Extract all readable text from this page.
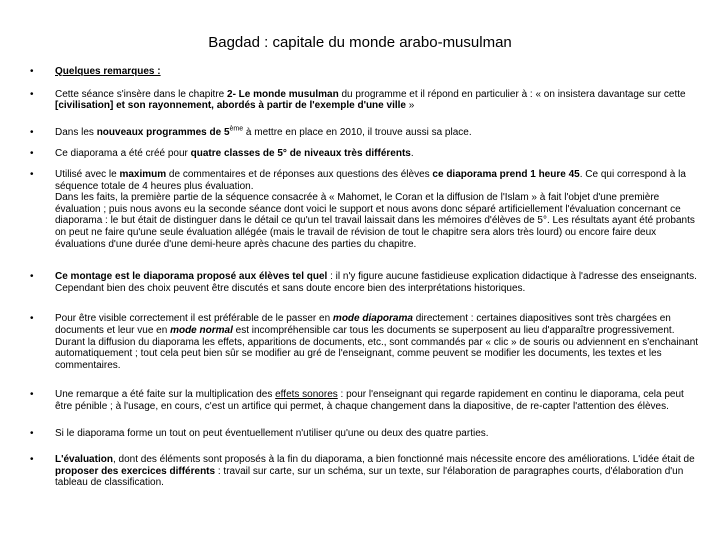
Bagdad : capitale du monde arabo-musulman
• Quelques remarques :
• Cette séance s'insère dans le chapitre 2- Le monde musulman du programme et il répond en particulier à : « on insistera davantage sur cette [civilisation] et son rayonnement, abordés à partir de l'exemple d'une ville »
• Dans les nouveaux programmes de 5ème à mettre en place en 2010, il trouve aussi sa place.
• Ce diaporama a été créé pour quatre classes de 5° de niveaux très différents.
• Utilisé avec le maximum de commentaires et de réponses aux questions des élèves ce diaporama prend 1 heure 45. Ce qui correspond à la séquence totale de 4 heures plus évaluation.
Dans les faits, la première partie de la séquence consacrée à « Mahomet, le Coran et la diffusion de l'Islam » à fait l'objet d'une première évaluation ; puis nous avons eu la seconde séance dont voici le support et nous avons donc séparé artificiellement l'évaluation concernant ce diaporama : le but était de distinguer dans le détail ce qu'un tel travail laissait dans les mémoires d'élèves de 5°. Les résultats ayant été probants on peut ne faire qu'une seule évaluation allégée (mais le travail de révision de tout le chapitre sera alors très lourd) ou encore faire deux évaluations d'une durée d'une demi-heure après chacune des parties du chapitre.
• Ce montage est le diaporama proposé aux élèves tel quel : il n'y figure aucune fastidieuse explication didactique à l'adresse des enseignants. Cependant bien des choix peuvent être discutés et sans doute encore bien des interprétations historiques.
• Pour être visible correctement il est préférable de le passer en mode diaporama directement : certaines diapositives sont très chargées en documents et leur vue en mode normal est incompréhensible car tous les documents se superposent au lieu d'apparaître progressivement. Durant la diffusion du diaporama les effets, apparitions de documents, etc., sont commandés par « clic » de souris ou adviennent en s'enchainant automatiquement ; tout cela peut bien sûr se modifier au gré de l'enseignant, comme peuvent se modifier les documents, les textes et les commentaires.
• Une remarque a été faite sur la multiplication des effets sonores : pour l'enseignant qui regarde rapidement en continu le diaporama, cela peut être pénible ; à l'usage, en cours, c'est un artifice qui permet, à chaque changement dans la diapositive, de re-capter l'attention des élèves.
• Si le diaporama forme un tout on peut éventuellement n'utiliser qu'une ou deux des quatre parties.
• L'évaluation, dont des éléments sont proposés à la fin du diaporama, a bien fonctionné mais nécessite encore des améliorations. L'idée était de proposer des exercices différents : travail sur carte, sur un schéma, sur un texte, sur l'élaboration de paragraphes courts, d'élaboration d'un tableau de classification.
